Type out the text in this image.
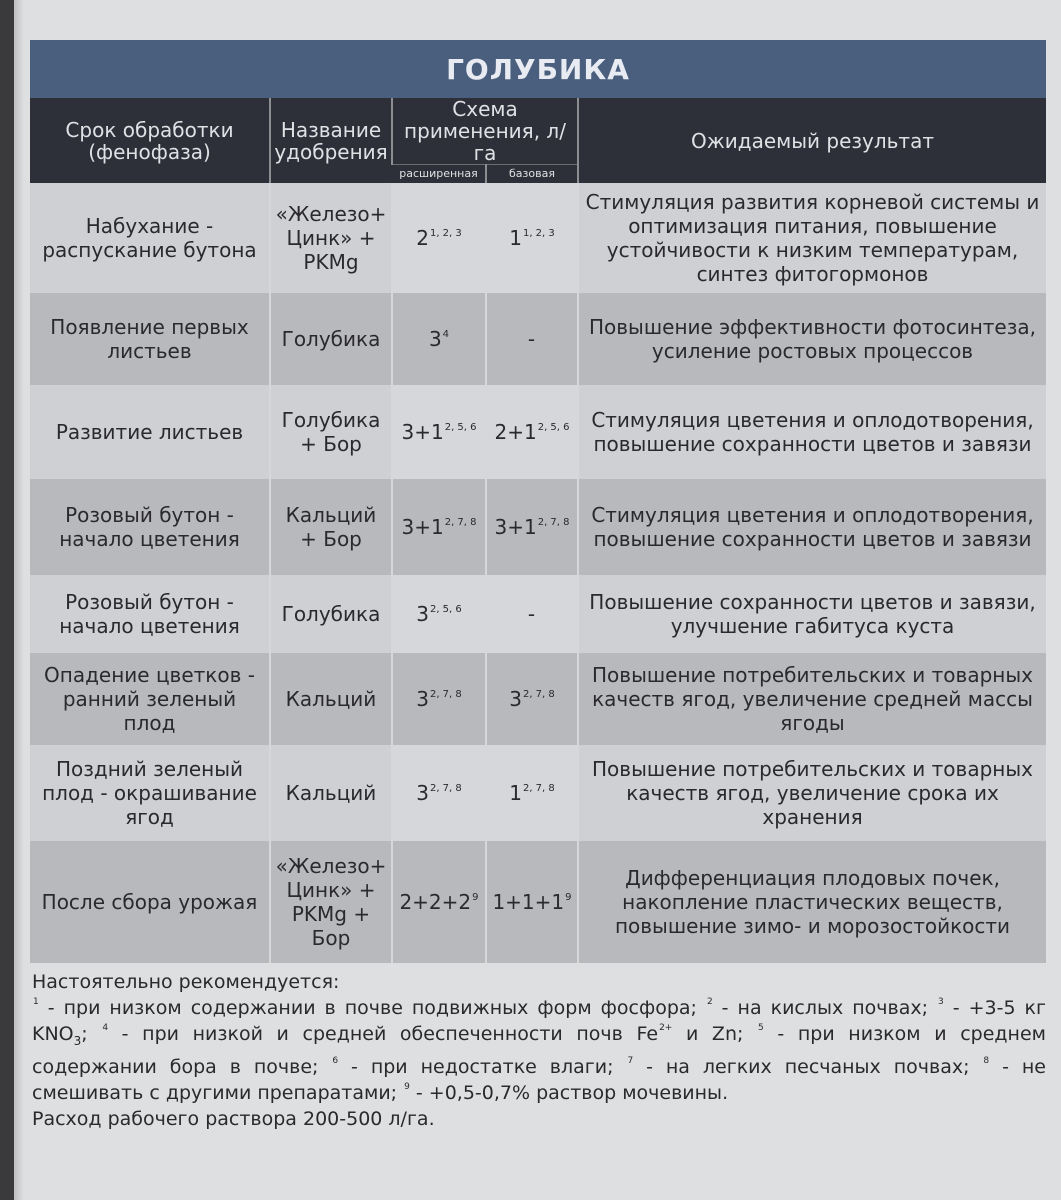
ГОЛУБИКА
Срок обработки (фенофаза)	Название удобрения	Схема применения, л/га		Ожидаемый результат
		расширенная	базовая	
Набухание - распускание бутона	«Железо+ Цинк» + PKMg	2$^{1, 2, 3}$	1$^{1, 2, 3}$	Стимуляция развития корневой системы и оптимизация питания, повышение устойчивости к низким температурам, синтез фитогормонов
Появление первых листьев	Голубика	$3^4$	-	Повышение эффективности фотосинтеза, усиление ростовых процессов
Развитие листьев	Голубика + Бор	$3+1^{2, 5, 6}$	$2+1^{2, 5, 6}$	Стимуляция цветения и оплодотворения, повышение сохранности цветов и завязи
Розовый бутон - начало цветения	Кальций + Бор	$3+1^{2, 7, 8}$	$3+1^{2, 7, 8}$	Стимуляция цветения и оплодотворения, повышение сохранности цветов и завязи
Розовый бутон - начало цветения	Голубика	3$^{2, 5, 6}$	-	Повышение сохранности цветов и завязи, улучшение габитуса куста
Опадение цветков - ранний зеленый плод	Кальций	3$^{2, 7, 8}$	3$^{2, 7, 8}$	Повышение потребительских и товарных качеств ягод, увеличение средней массы ягоды
Поздний зеленый плод - окрашивание ягод	Кальций	3$^{2, 7, 8}$	1$^{2, 7, 8}$	Повышение потребительских и товарных качеств ягод, увеличение срока их хранения
После сбора урожая	«Железо+ Цинк» + PKMg + Бор	$2+2+2^9$	$1+1+1^9$	Дифференциация плодовых почек, накопление пластических веществ, повышение зимо- и морозостойкости

Настоятельно рекомендуется:

$^1$ - при низком содержании в почве подвижных форм фосфора; $^2$ - на кислых почвах; $^3$ - +3-5 кг $KNO_3$; $^4$ - при низкой и средней обеспеченности почв $Fe^{2+}$ и Zn; $^5$ - при низком и среднем содержании бора в почве; $^6$ - при недостатке влаги; $^7$ - на легких песчаных почвах; $^8$ - не смешивать с другими препаратами; $^9$ - +0,5-0,7% раствор мочевины.

Расход рабочего раствора 200-500 л/га.
